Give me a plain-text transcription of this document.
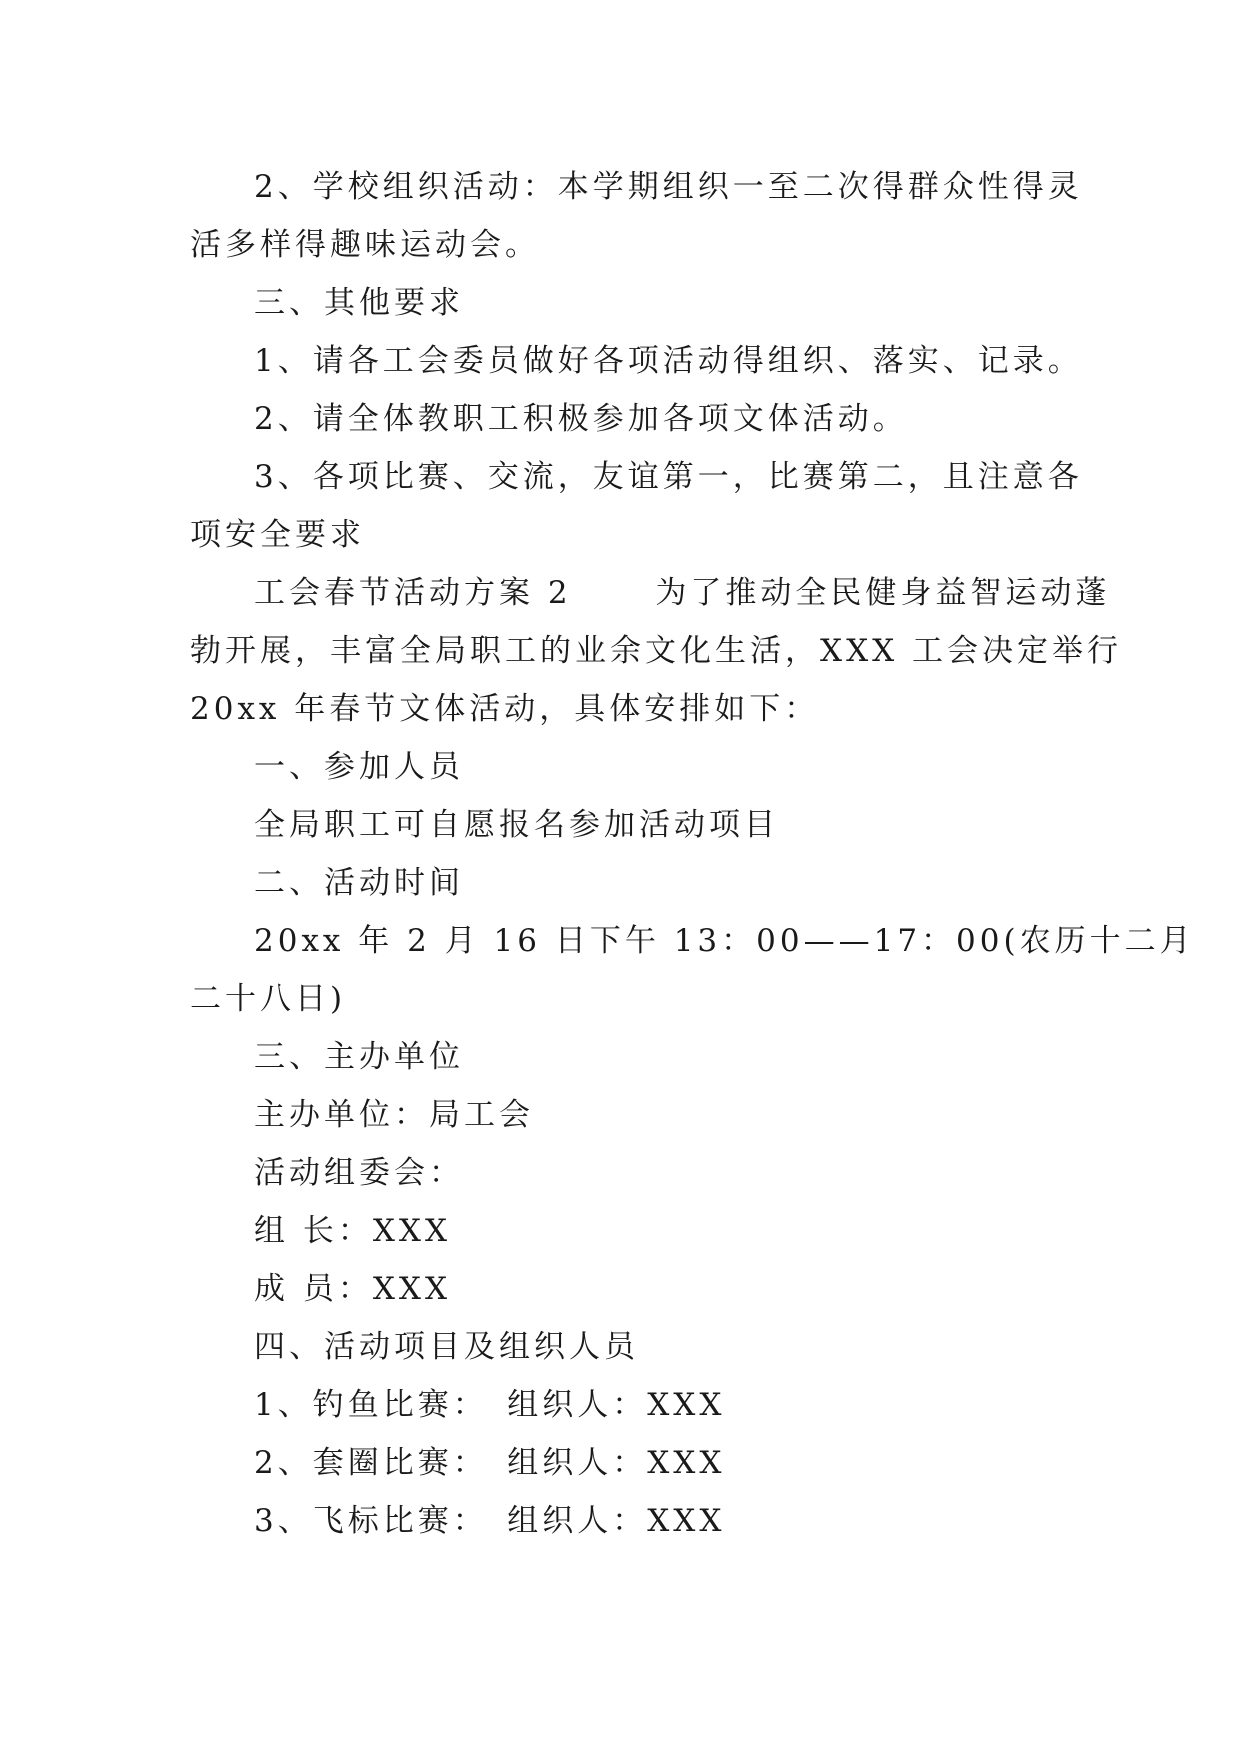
2、学校组织活动：本学期组织一至二次得群众性得灵
活多样得趣味运动会。
三、其他要求
1、请各工会委员做好各项活动得组织、落实、记录。
2、请全体教职工积极参加各项文体活动。
3、各项比赛、交流，友谊第一，比赛第二，且注意各
项安全要求
工会春节活动方案 2　　 为了推动全民健身益智运动蓬
勃开展，丰富全局职工的业余文化生活，XXX 工会决定举行
20xx 年春节文体活动，具体安排如下：
一、参加人员
全局职工可自愿报名参加活动项目
二、活动时间
20xx 年 2 月 16 日下午 13：00——17：00(农历十二月
二十八日)
三、主办单位
主办单位：局工会
活动组委会：
组 长：XXX
成 员：XXX
四、活动项目及组织人员
1、钓鱼比赛：　组织人：XXX
2、套圈比赛：　组织人：XXX
3、飞标比赛：　组织人：XXX
